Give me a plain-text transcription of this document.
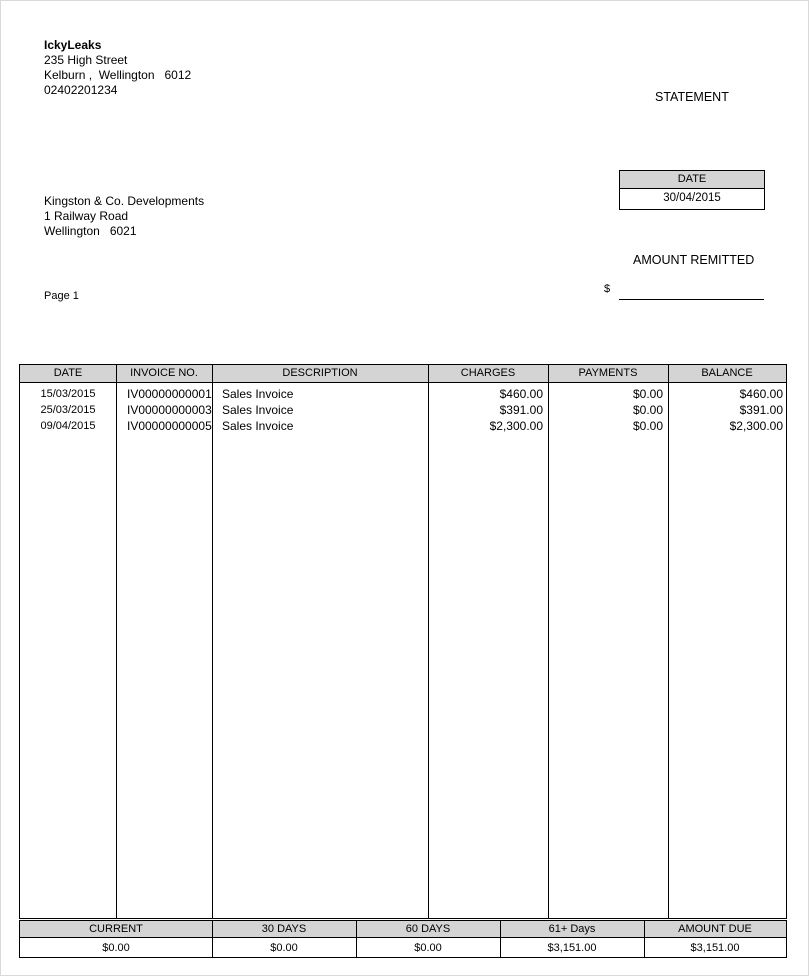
IckyLeaks
235 High Street
Kelburn ,  Wellington   6012
02402201234	STATEMENT
DATE
30/04/2015
Kingston & Co. Developments
1 Railway Road
Wellington   6021
AMOUNT REMITTED
$
Page 1
DATE	INVOICE NO.	DESCRIPTION	CHARGES	PAYMENTS	BALANCE
15/03/2015	IV00000000001 Sales Invoice	$460.00	$0.00	$460.00
25/03/2015	IV00000000003 Sales Invoice	$391.00	$0.00	$391.00
09/04/2015	IV00000000005 Sales Invoice	$2,300.00	$0.00	$2,300.00
CURRENT	30 DAYS	60 DAYS	61+ Days	AMOUNT DUE
$0.00	$0.00	$0.00	$3,151.00	$3,151.00
